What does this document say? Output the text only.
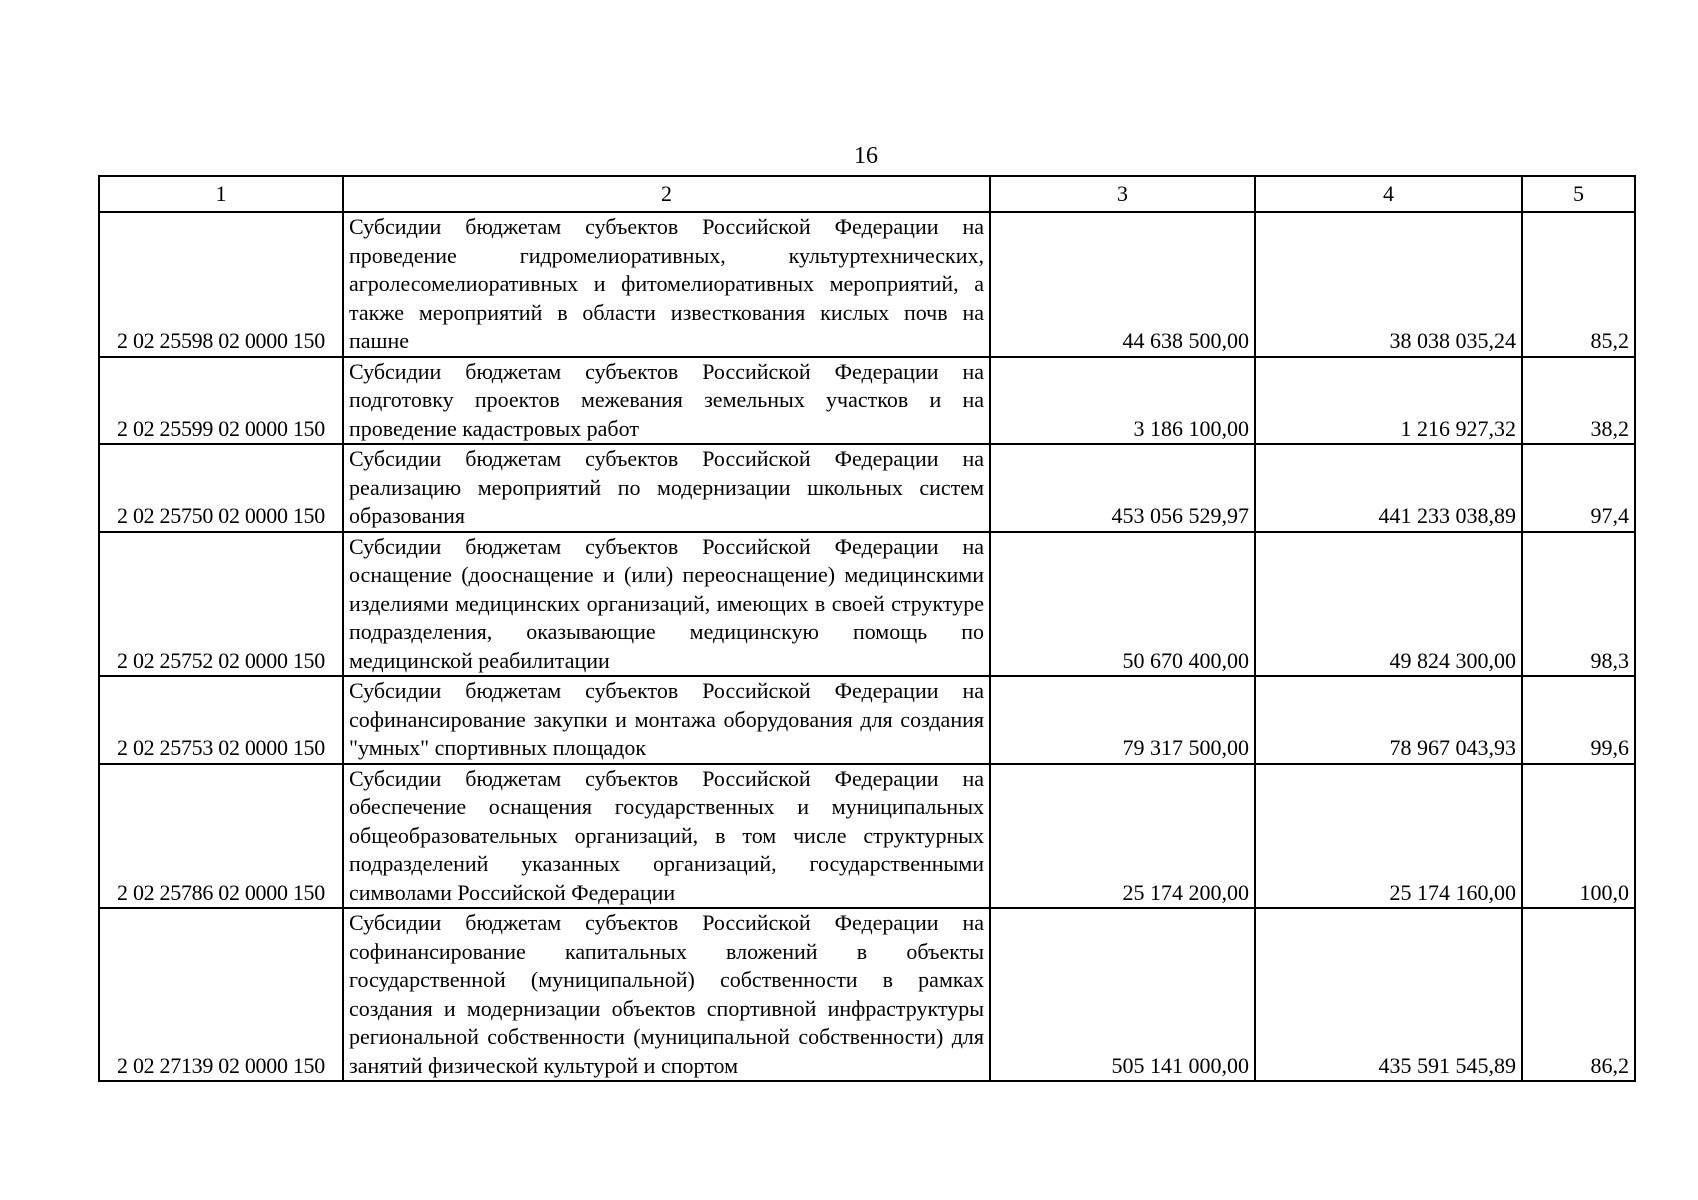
16
1	2	3	4	5
2 02 25598 02 0000 150	Субсидии бюджетам субъектов Российской Федерации на проведение гидромелиоративных, культуртехнических, агролесомелиоративных и фитомелиоративных мероприятий, а также мероприятий в области известкования кислых почв на пашне	44 638 500,00	38 038 035,24	85,2
2 02 25599 02 0000 150	Субсидии бюджетам субъектов Российской Федерации на подготовку проектов межевания земельных участков и на проведение кадастровых работ	3 186 100,00	1 216 927,32	38,2
2 02 25750 02 0000 150	Субсидии бюджетам субъектов Российской Федерации на реализацию мероприятий по модернизации школьных систем образования	453 056 529,97	441 233 038,89	97,4
2 02 25752 02 0000 150	Субсидии бюджетам субъектов Российской Федерации на оснащение (дооснащение и (или) переоснащение) медицинскими изделиями медицинских организаций, имеющих в своей структуре подразделения, оказывающие медицинскую помощь по медицинской реабилитации	50 670 400,00	49 824 300,00	98,3
2 02 25753 02 0000 150	Субсидии бюджетам субъектов Российской Федерации на софинансирование закупки и монтажа оборудования для создания "умных" спортивных площадок	79 317 500,00	78 967 043,93	99,6
2 02 25786 02 0000 150	Субсидии бюджетам субъектов Российской Федерации на обеспечение оснащения государственных и муниципальных общеобразовательных организаций, в том числе структурных подразделений указанных организаций, государственными символами Российской Федерации	25 174 200,00	25 174 160,00	100,0
2 02 27139 02 0000 150	Субсидии бюджетам субъектов Российской Федерации на софинансирование капитальных вложений в объекты государственной (муниципальной) собственности в рамках создания и модернизации объектов спортивной инфраструктуры региональной собственности (муниципальной собственности) для занятий физической культурой и спортом	505 141 000,00	435 591 545,89	86,2
